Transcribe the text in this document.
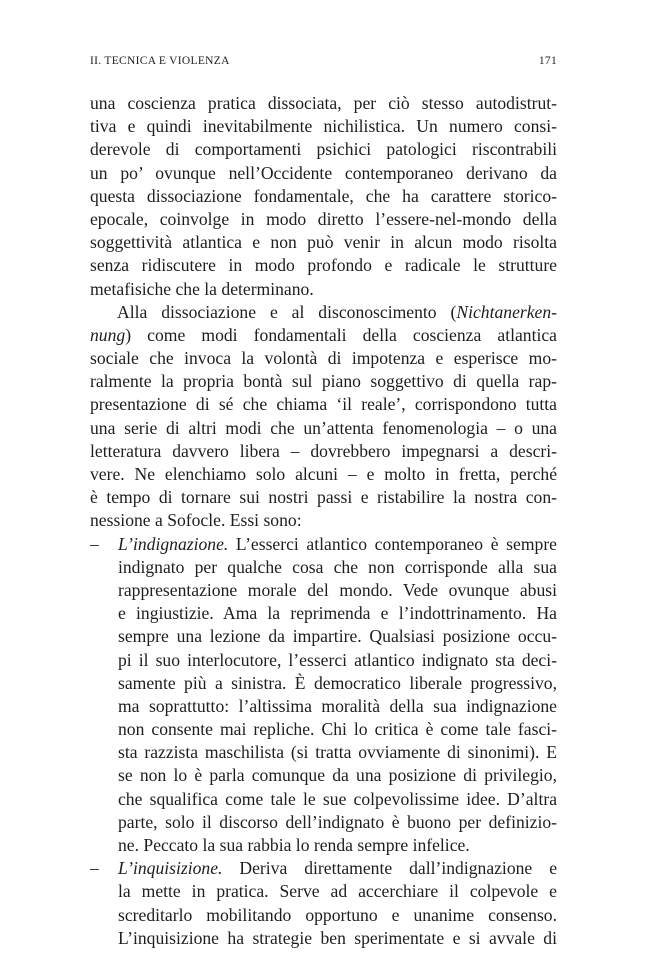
II. TECNICA E VIOLENZA	171
una coscienza pratica dissociata, per ciò stesso autodistrut-
tiva e quindi inevitabilmente nichilistica. Un numero consi-
derevole di comportamenti psichici patologici riscontrabili
un po’ ovunque nell’Occidente contemporaneo derivano da
questa dissociazione fondamentale, che ha carattere storico-
epocale, coinvolge in modo diretto l’essere-nel-mondo della
soggettività atlantica e non può venir in alcun modo risolta
senza ridiscutere in modo profondo e radicale le strutture
metafisiche che la determinano.
Alla dissociazione e al disconoscimento (Nichtanerken-
nung) come modi fondamentali della coscienza atlantica
sociale che invoca la volontà di impotenza e esperisce mo-
ralmente la propria bontà sul piano soggettivo di quella rap-
presentazione di sé che chiama ‘il reale’, corrispondono tutta
una serie di altri modi che un’attenta fenomenologia – o una
letteratura davvero libera – dovrebbero impegnarsi a descri-
vere. Ne elenchiamo solo alcuni – e molto in fretta, perché
è tempo di tornare sui nostri passi e ristabilire la nostra con-
nessione a Sofocle. Essi sono:
– L’indignazione. L’esserci atlantico contemporaneo è sempre
indignato per qualche cosa che non corrisponde alla sua
rappresentazione morale del mondo. Vede ovunque abusi
e ingiustizie. Ama la reprimenda e l’indottrinamento. Ha
sempre una lezione da impartire. Qualsiasi posizione occu-
pi il suo interlocutore, l’esserci atlantico indignato sta deci-
samente più a sinistra. È democratico liberale progressivo,
ma soprattutto: l’altissima moralità della sua indignazione
non consente mai repliche. Chi lo critica è come tale fasci-
sta razzista maschilista (si tratta ovviamente di sinonimi). E
se non lo è parla comunque da una posizione di privilegio,
che squalifica come tale le sue colpevolissime idee. D’altra
parte, solo il discorso dell’indignato è buono per definizio-
ne. Peccato la sua rabbia lo renda sempre infelice.
– L’inquisizione. Deriva direttamente dall’indignazione e
la mette in pratica. Serve ad accerchiare il colpevole e
screditarlo mobilitando opportuno e unanime consenso.
L’inquisizione ha strategie ben sperimentate e si avvale di
